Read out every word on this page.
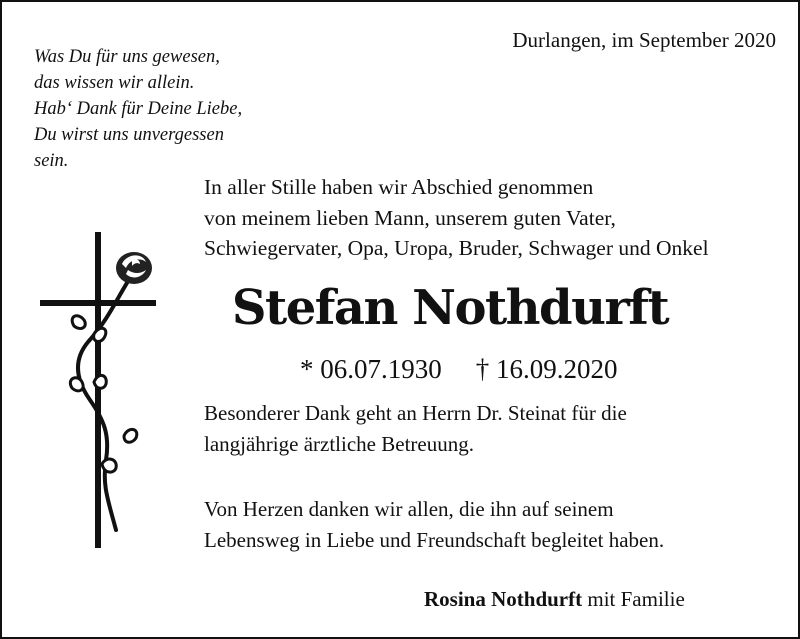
Was Du für uns gewesen,
das wissen wir allein.
Hab‘ Dank für Deine Liebe,
Du wirst uns unvergessen
sein.
Durlangen, im September 2020
In aller Stille haben wir Abschied genommen
von meinem lieben Mann, unserem guten Vater,
Schwiegervater, Opa, Uropa, Bruder, Schwager und Onkel
Stefan Nothdurft
* 06.07.1930 † 16.09.2020
Besonderer Dank geht an Herrn Dr. Steinat für die
langjährige ärztliche Betreuung.
Von Herzen danken wir allen, die ihn auf seinem
Lebensweg in Liebe und Freundschaft begleitet haben.
Rosina Nothdurft mit Familie
